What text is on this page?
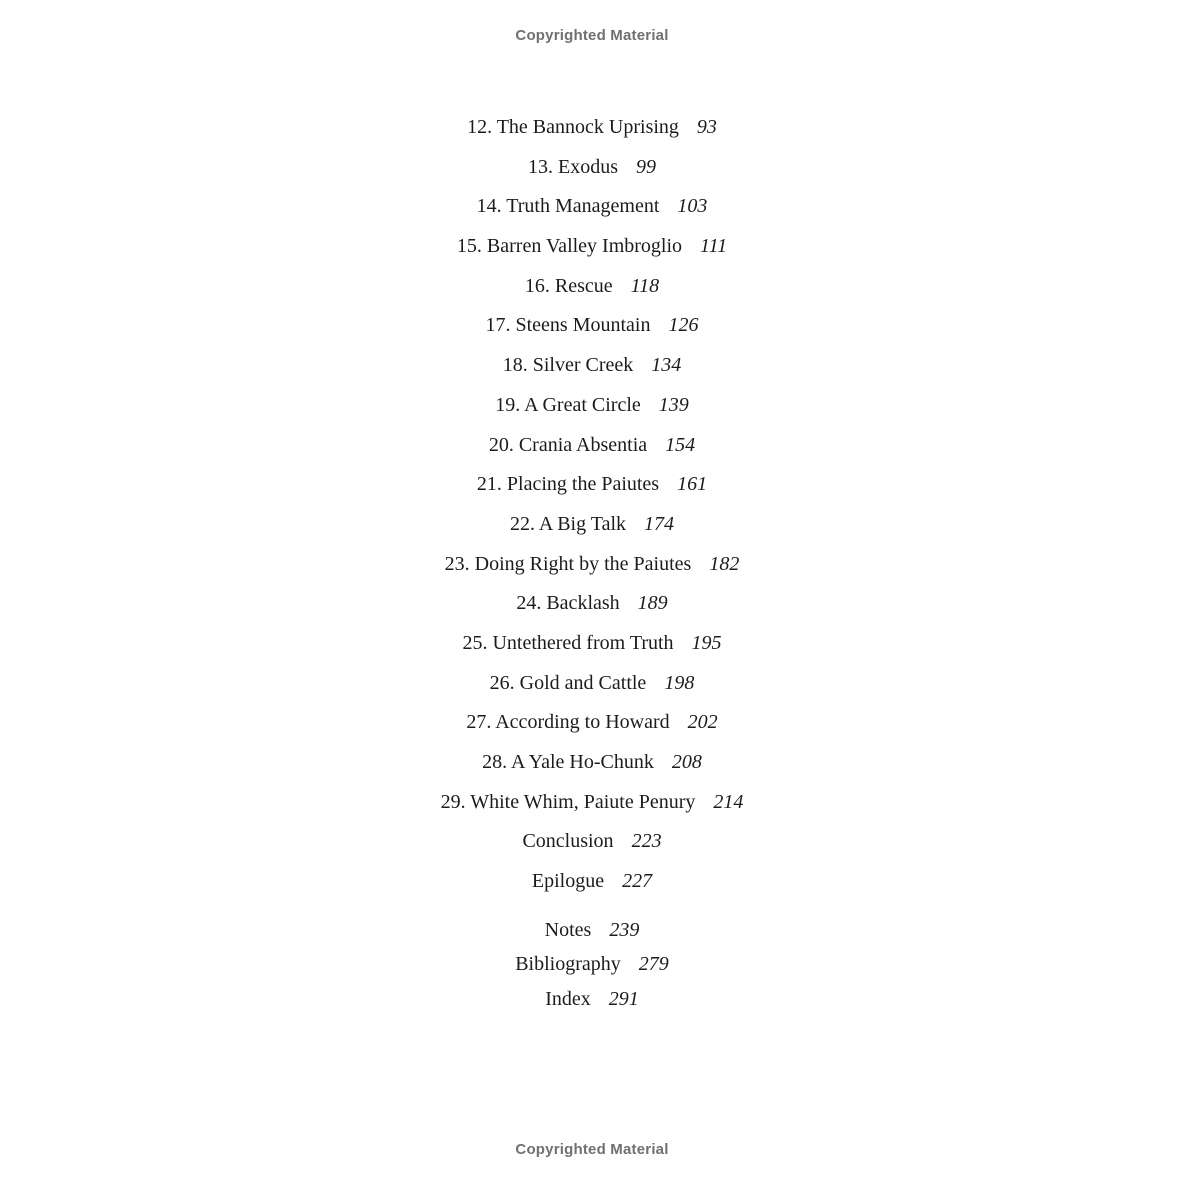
Copyrighted Material
12. The Bannock Uprising 93
13. Exodus 99
14. Truth Management 103
15. Barren Valley Imbroglio 111
16. Rescue 118
17. Steens Mountain 126
18. Silver Creek 134
19. A Great Circle 139
20. Crania Absentia 154
21. Placing the Paiutes 161
22. A Big Talk 174
23. Doing Right by the Paiutes 182
24. Backlash 189
25. Untethered from Truth 195
26. Gold and Cattle 198
27. According to Howard 202
28. A Yale Ho-Chunk 208
29. White Whim, Paiute Penury 214
Conclusion 223
Epilogue 227
Notes 239
Bibliography 279
Index 291
Copyrighted Material
